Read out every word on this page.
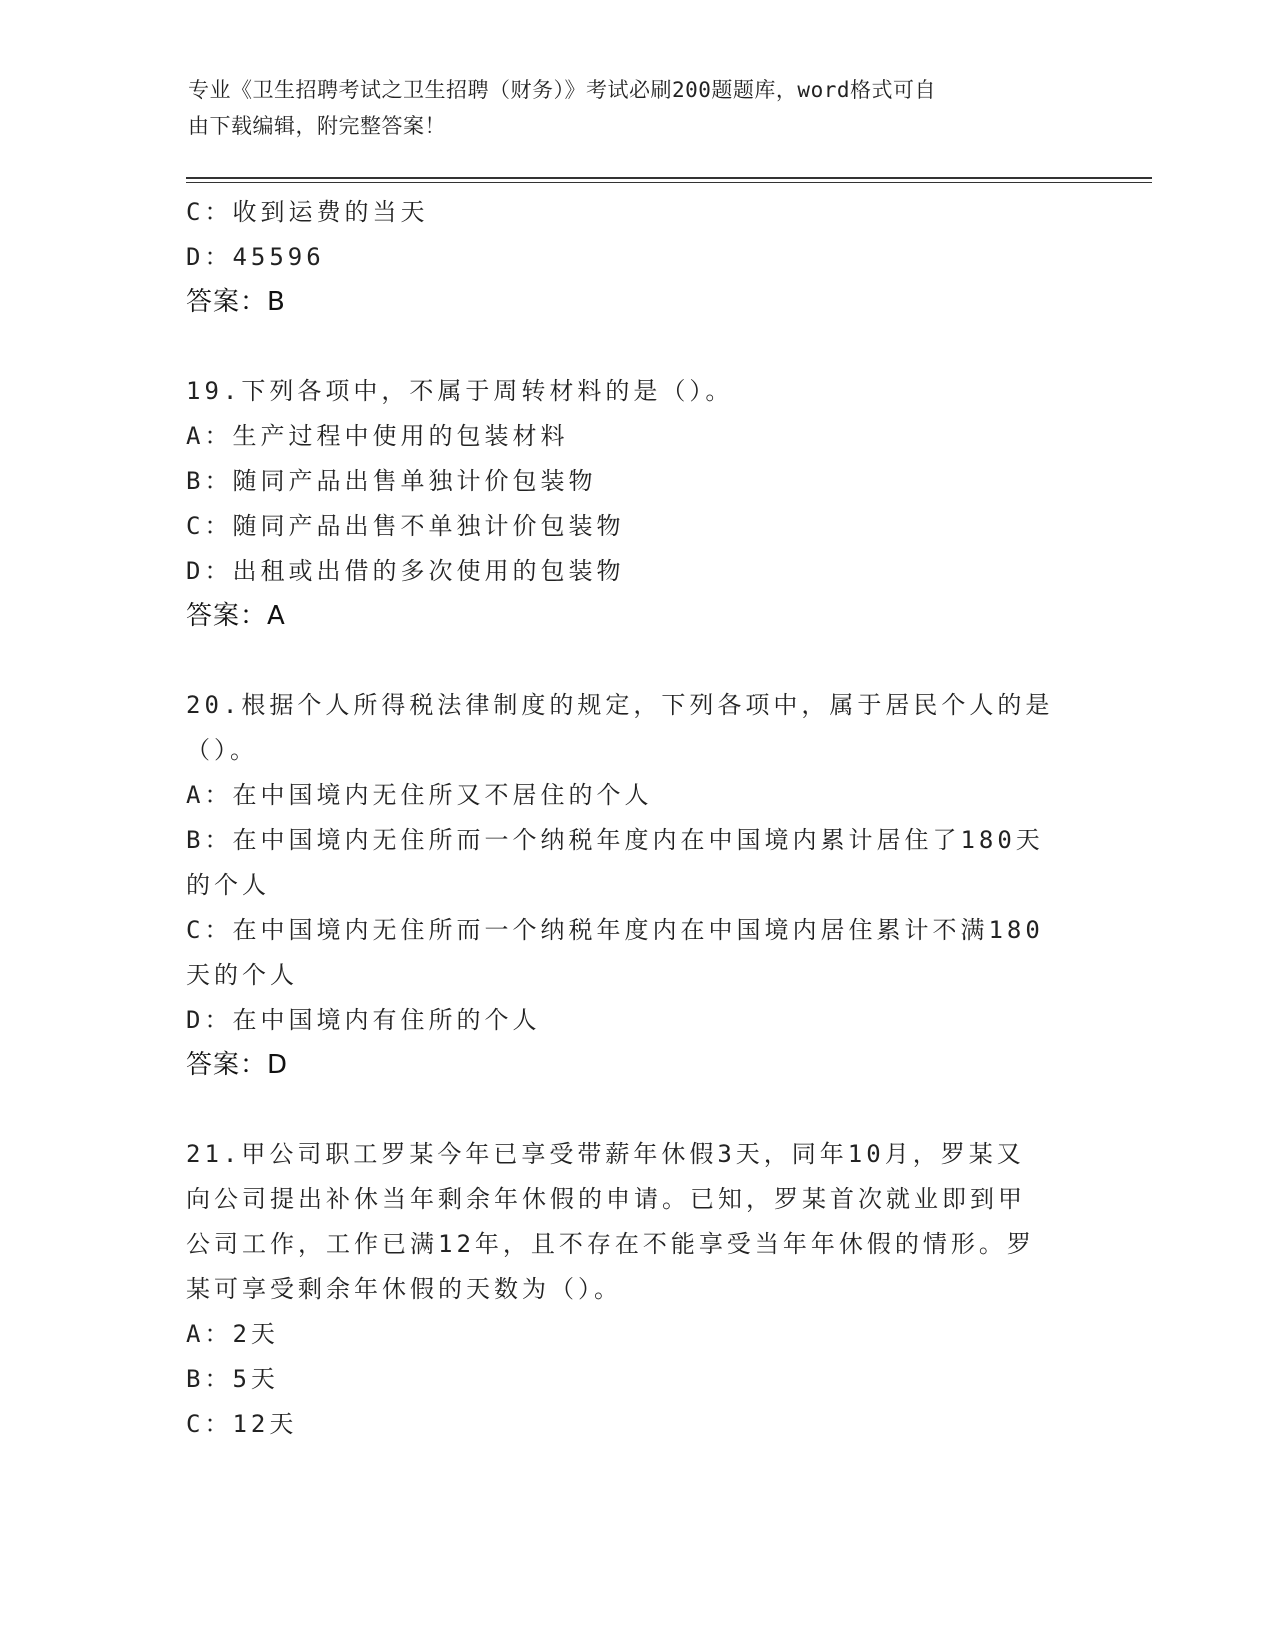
专业《卫生招聘考试之卫生招聘（财务）》考试必刷200题题库，word格式可自
由下载编辑，附完整答案！
C：收到运费的当天
D：45596
答案：B
19.下列各项中，不属于周转材料的是（）。
A：生产过程中使用的包装材料
B：随同产品出售单独计价包装物
C：随同产品出售不单独计价包装物
D：出租或出借的多次使用的包装物
答案：A
20.根据个人所得税法律制度的规定，下列各项中，属于居民个人的是
（）。
A：在中国境内无住所又不居住的个人
B：在中国境内无住所而一个纳税年度内在中国境内累计居住了180天
的个人
C：在中国境内无住所而一个纳税年度内在中国境内居住累计不满180
天的个人
D：在中国境内有住所的个人
答案：D
21.甲公司职工罗某今年已享受带薪年休假3天，同年10月，罗某又
向公司提出补休当年剩余年休假的申请。已知，罗某首次就业即到甲
公司工作，工作已满12年，且不存在不能享受当年年休假的情形。罗
某可享受剩余年休假的天数为（）。
A：2天
B：5天
C：12天
